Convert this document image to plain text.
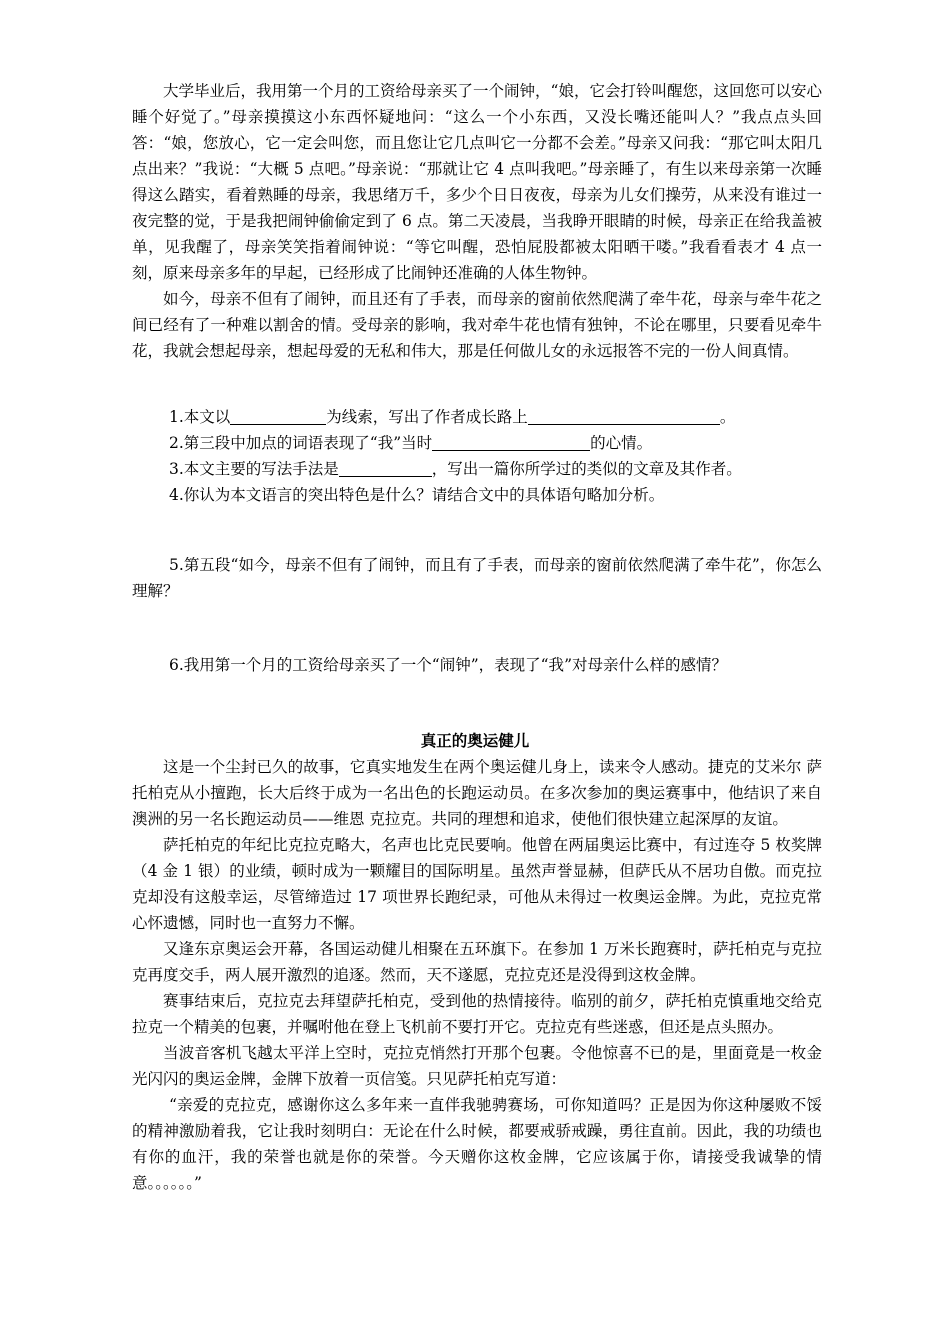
大学毕业后，我用第一个月的工资给母亲买了一个闹钟，“娘，它会打铃叫醒您，这回您可以安心睡个好觉了。”母亲摸摸这小东西怀疑地问：“这么一个小东西，又没长嘴还能叫人？”我点点头回答：“娘，您放心，它一定会叫您，而且您让它几点叫它一分都不会差。”母亲又问我：“那它叫太阳几点出来？”我说：“大概 5 点吧。”母亲说：“那就让它 4 点叫我吧。”母亲睡了，有生以来母亲第一次睡得这么踏实，看着熟睡的母亲，我思绪万千，多少个日日夜夜，母亲为儿女们操劳，从来没有谁过一夜完整的觉，于是我把闹钟偷偷定到了 6 点。第二天凌晨，当我睁开眼睛的时候，母亲正在给我盖被单，见我醒了，母亲笑笑指着闹钟说：“等它叫醒，恐怕屁股都被太阳晒干喽。”我看看表才 4 点一刻，原来母亲多年的早起，已经形成了比闹钟还准确的人体生物钟。

如今，母亲不但有了闹钟，而且还有了手表，而母亲的窗前依然爬满了牵牛花，母亲与牵牛花之间已经有了一种难以割舍的情。受母亲的影响，我对牵牛花也情有独钟，不论在哪里，只要看见牵牛花，我就会想起母亲，想起母爱的无私和伟大，那是任何做儿女的永远报答不完的一份人间真情。

1.本文以	为线索，写出了作者成长路上	。

2.第三段中加点的词语表现了“我”当时	的心情。

3.本文主要的写法手法是	，写出一篇你所学过的类似的文章及其作者。

4.你认为本文语言的突出特色是什么？请结合文中的具体语句略加分析。

5.第五段“如今，母亲不但有了闹钟，而且有了手表，而母亲的窗前依然爬满了牵牛花”，你怎么理解？

6.我用第一个月的工资给母亲买了一个“闹钟”，表现了“我”对母亲什么样的感情？

真正的奥运健儿

这是一个尘封已久的故事，它真实地发生在两个奥运健儿身上，读来令人感动。捷克的艾米尔 萨托柏克从小擅跑，长大后终于成为一名出色的长跑运动员。在多次参加的奥运赛事中，他结识了来自澳洲的另一名长跑运动员——维恩 克拉克。共同的理想和追求，使他们很快建立起深厚的友谊。

萨托柏克的年纪比克拉克略大，名声也比克民要响。他曾在两届奥运比赛中，有过连夺 5 枚奖牌（4 金 1 银）的业绩，顿时成为一颗耀目的国际明星。虽然声誉显赫，但萨氏从不居功自傲。而克拉克却没有这般幸运，尽管缔造过 17 项世界长跑纪录，可他从未得过一枚奥运金牌。为此，克拉克常心怀遗憾，同时也一直努力不懈。

又逢东京奥运会开幕，各国运动健儿相聚在五环旗下。在参加 1 万米长跑赛时，萨托柏克与克拉克再度交手，两人展开激烈的追逐。然而，天不遂愿，克拉克还是没得到这枚金牌。

赛事结束后，克拉克去拜望萨托柏克，受到他的热情接待。临别的前夕，萨托柏克慎重地交给克拉克一个精美的包裹，并嘱咐他在登上飞机前不要打开它。克拉克有些迷惑，但还是点头照办。

当波音客机飞越太平洋上空时，克拉克悄然打开那个包裹。令他惊喜不已的是，里面竟是一枚金光闪闪的奥运金牌，金牌下放着一页信笺。只见萨托柏克写道：

“亲爱的克拉克，感谢你这么多年来一直伴我驰骋赛场，可你知道吗？正是因为你这种屡败不馁的精神激励着我，它让我时刻明白：无论在什么时候，都要戒骄戒躁，勇往直前。因此，我的功绩也有你的血汗，我的荣誉也就是你的荣誉。今天赠你这枚金牌，它应该属于你，请接受我诚挚的情意。。。。。。”
